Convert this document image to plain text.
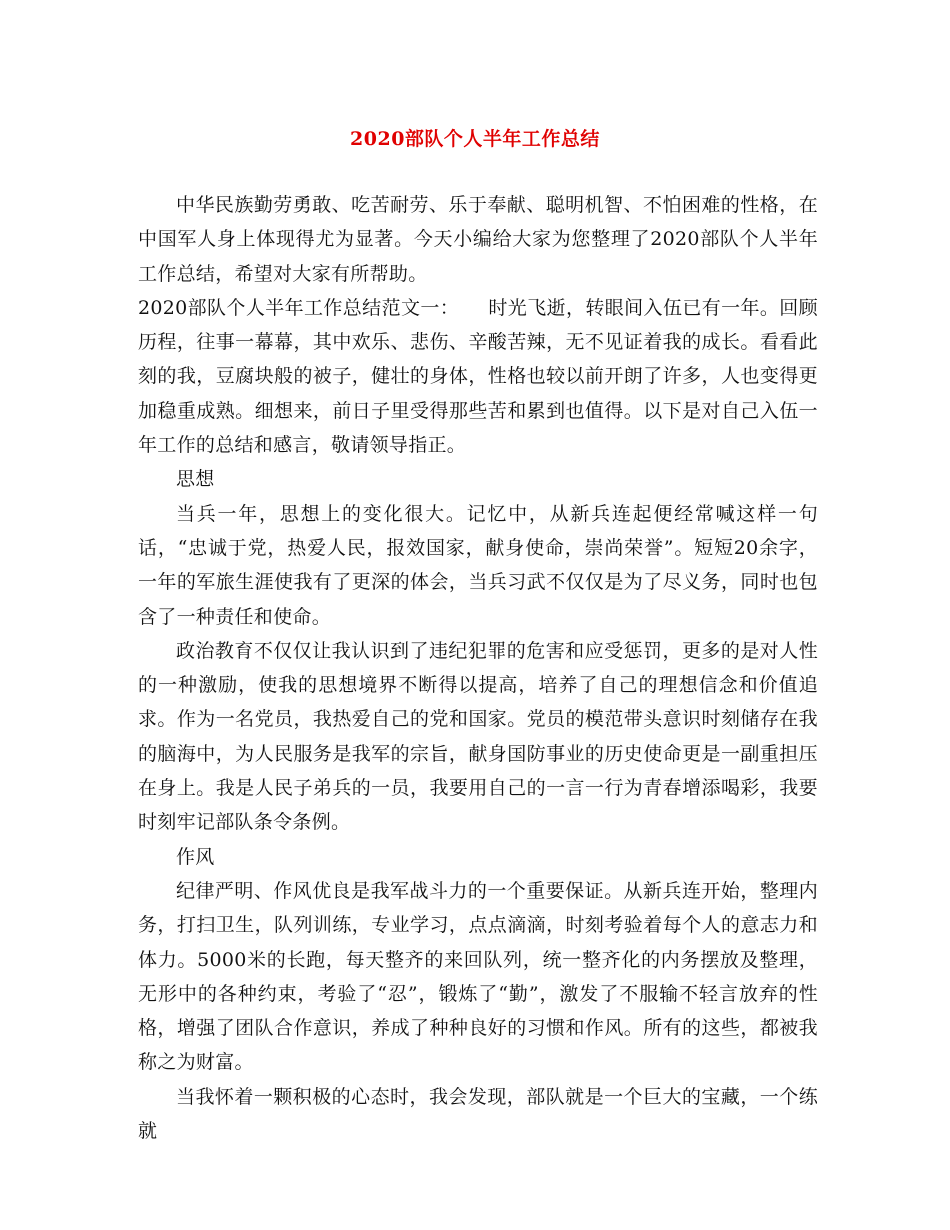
2020部队个人半年工作总结

中华民族勤劳勇敢、吃苦耐劳、乐于奉献、聪明机智、不怕困难的性格，在中国军人身上体现得尤为显著。今天小编给大家为您整理了2020部队个人半年工作总结，希望对大家有所帮助。

2020部队个人半年工作总结范文一：　　时光飞逝，转眼间入伍已有一年。回顾历程，往事一幕幕，其中欢乐、悲伤、辛酸苦辣，无不见证着我的成长。看看此刻的我，豆腐块般的被子，健壮的身体，性格也较以前开朗了许多，人也变得更加稳重成熟。细想来，前日子里受得那些苦和累到也值得。以下是对自己入伍一年工作的总结和感言，敬请领导指正。

思想

当兵一年，思想上的变化很大。记忆中，从新兵连起便经常喊这样一句话，“忠诚于党，热爱人民，报效国家，献身使命，崇尚荣誉”。短短20余字，一年的军旅生涯使我有了更深的体会，当兵习武不仅仅是为了尽义务，同时也包含了一种责任和使命。

政治教育不仅仅让我认识到了违纪犯罪的危害和应受惩罚，更多的是对人性的一种激励，使我的思想境界不断得以提高，培养了自己的理想信念和价值追求。作为一名党员，我热爱自己的党和国家。党员的模范带头意识时刻储存在我的脑海中，为人民服务是我军的宗旨，献身国防事业的历史使命更是一副重担压在身上。我是人民子弟兵的一员，我要用自己的一言一行为青春增添喝彩，我要时刻牢记部队条令条例。

作风

纪律严明、作风优良是我军战斗力的一个重要保证。从新兵连开始，整理内务，打扫卫生，队列训练，专业学习，点点滴滴，时刻考验着每个人的意志力和体力。5000米的长跑，每天整齐的来回队列，统一整齐化的内务摆放及整理，无形中的各种约束，考验了“忍”，锻炼了“勤”，激发了不服输不轻言放弃的性格，增强了团队合作意识，养成了种种良好的习惯和作风。所有的这些，都被我称之为财富。

当我怀着一颗积极的心态时，我会发现，部队就是一个巨大的宝藏，一个练就
